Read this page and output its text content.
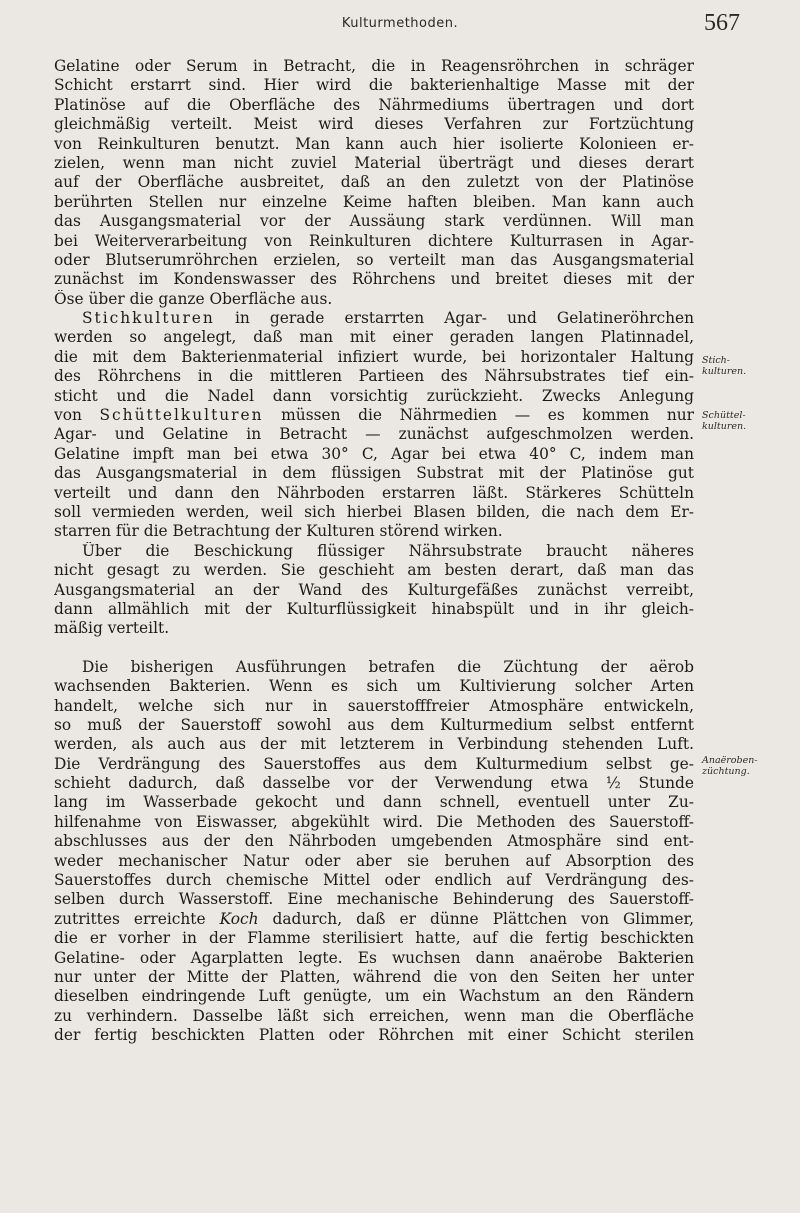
Kulturmethoden.	567
Gelatine oder Serum in Betracht, die in Reagensröhrchen in schräger
Schicht erstarrt sind. Hier wird die bakterienhaltige Masse mit der
Platinöse auf die Oberfläche des Nährmediums übertragen und dort
gleichmäßig verteilt. Meist wird dieses Verfahren zur Fortzüchtung
von Reinkulturen benutzt. Man kann auch hier isolierte Kolonieen er-
zielen, wenn man nicht zuviel Material überträgt und dieses derart
auf der Oberfläche ausbreitet, daß an den zuletzt von der Platinöse
berührten Stellen nur einzelne Keime haften bleiben. Man kann auch
das Ausgangsmaterial vor der Aussäung stark verdünnen. Will man
bei Weiterverarbeitung von Reinkulturen dichtere Kulturrasen in Agar-
oder Blutserumröhrchen erzielen, so verteilt man das Ausgangsmaterial
zunächst im Kondenswasser des Röhrchens und breitet dieses mit der
Öse über die ganze Oberfläche aus.
Stichkulturen in gerade erstarrten Agar- und Gelatineröhrchen
werden so angelegt, daß man mit einer geraden langen Platinnadel,
die mit dem Bakterienmaterial infiziert wurde, bei horizontaler Haltung
des Röhrchens in die mittleren Partieen des Nährsubstrates tief ein-
sticht und die Nadel dann vorsichtig zurückzieht. Zwecks Anlegung
von Schüttelkulturen müssen die Nährmedien — es kommen nur
Agar- und Gelatine in Betracht — zunächst aufgeschmolzen werden.
Gelatine impft man bei etwa 30° C, Agar bei etwa 40° C, indem man
das Ausgangsmaterial in dem flüssigen Substrat mit der Platinöse gut
verteilt und dann den Nährboden erstarren läßt. Stärkeres Schütteln
soll vermieden werden, weil sich hierbei Blasen bilden, die nach dem Er-
starren für die Betrachtung der Kulturen störend wirken.
Über die Beschickung flüssiger Nährsubstrate braucht näheres
nicht gesagt zu werden. Sie geschieht am besten derart, daß man das
Ausgangsmaterial an der Wand des Kulturgefäßes zunächst verreibt,
dann allmählich mit der Kulturflüssigkeit hinabspült und in ihr gleich-
mäßig verteilt.
Die bisherigen Ausführungen betrafen die Züchtung der aërob
wachsenden Bakterien. Wenn es sich um Kultivierung solcher Arten
handelt, welche sich nur in sauerstofffreier Atmosphäre entwickeln,
so muß der Sauerstoff sowohl aus dem Kulturmedium selbst entfernt
werden, als auch aus der mit letzterem in Verbindung stehenden Luft.
Die Verdrängung des Sauerstoffes aus dem Kulturmedium selbst ge-
schieht dadurch, daß dasselbe vor der Verwendung etwa ½ Stunde
lang im Wasserbade gekocht und dann schnell, eventuell unter Zu-
hilfenahme von Eiswasser, abgekühlt wird. Die Methoden des Sauerstoff-
abschlusses aus der den Nährboden umgebenden Atmosphäre sind ent-
weder mechanischer Natur oder aber sie beruhen auf Absorption des
Sauerstoffes durch chemische Mittel oder endlich auf Verdrängung des-
selben durch Wasserstoff. Eine mechanische Behinderung des Sauerstoff-
zutrittes erreichte Koch dadurch, daß er dünne Plättchen von Glimmer,
die er vorher in der Flamme sterilisiert hatte, auf die fertig beschickten
Gelatine- oder Agarplatten legte. Es wuchsen dann anaërobe Bakterien
nur unter der Mitte der Platten, während die von den Seiten her unter
dieselben eindringende Luft genügte, um ein Wachstum an den Rändern
zu verhindern. Dasselbe läßt sich erreichen, wenn man die Oberfläche
der fertig beschickten Platten oder Röhrchen mit einer Schicht sterilen
Stich-
kulturen.
Schüttel-
kulturen.
Anaëroben-
züchtung.
